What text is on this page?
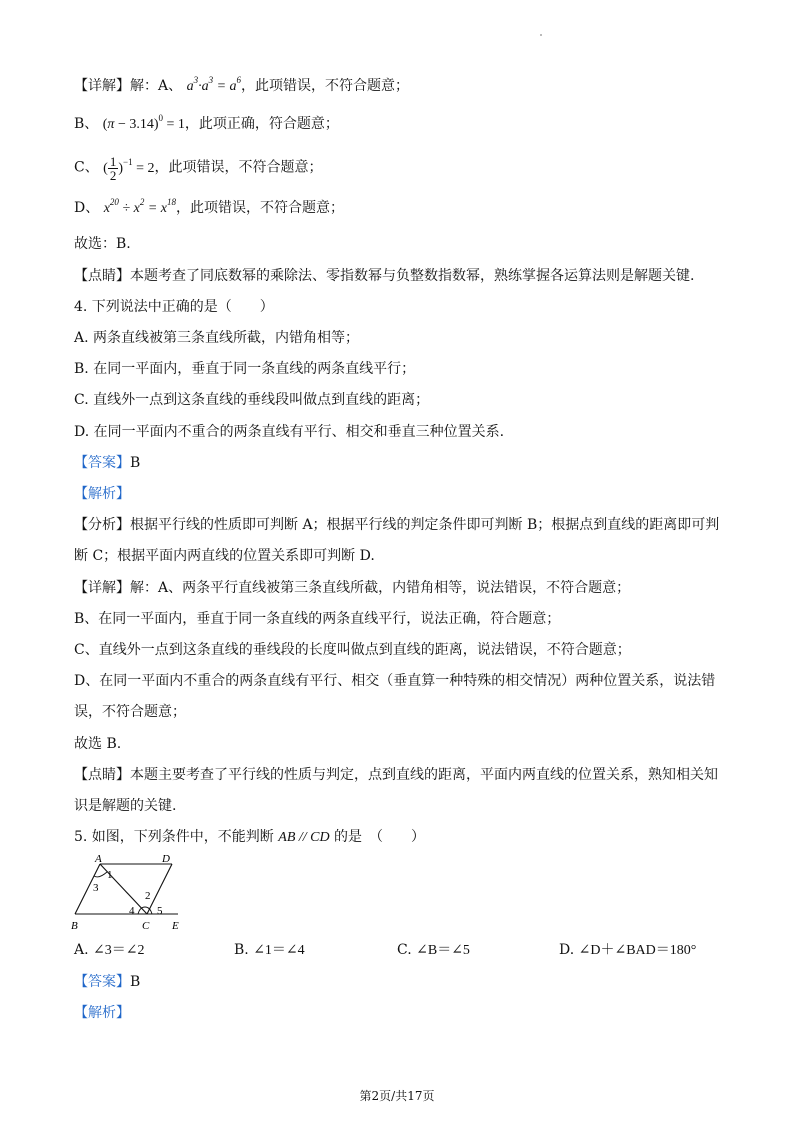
【详解】解：A、 $a^3\cdot a^3 = a^6$，此项错误，不符合题意；
B、 $(\pi - 3.14)^0 = 1$，此项正确，符合题意；
C、 ( $\frac{1}{2} )^{-1} = 2$，此项错误，不符合题意；
D、 $x^{20} \div x^2 = x^{18}$，此项错误，不符合题意；
故选：B.
【点睛】本题考查了同底数幂的乘除法、零指数幂与负整数指数幂，熟练掌握各运算法则是解题关键.
4. 下列说法中正确的是（　　）
A. 两条直线被第三条直线所截，内错角相等；
B. 在同一平面内，垂直于同一条直线的两条直线平行；
C. 直线外一点到这条直线的垂线段叫做点到直线的距离；
D. 在同一平面内不重合的两条直线有平行、相交和垂直三种位置关系.
【答案】B
【解析】
【分析】根据平行线的性质即可判断 A；根据平行线的判定条件即可判断 B；根据点到直线的距离即可判
断 C；根据平面内两直线的位置关系即可判断 D.
【详解】解：A、两条平行直线被第三条直线所截，内错角相等，说法错误，不符合题意；
B、在同一平面内，垂直于同一条直线的两条直线平行，说法正确，符合题意；
C、直线外一点到这条直线的垂线段的长度叫做点到直线的距离，说法错误，不符合题意；
D、在同一平面内不重合的两条直线有平行、相交（垂直算一种特殊的相交情况）两种位置关系，说法错
误，不符合题意；
故选 B.
【点睛】本题主要考查了平行线的性质与判定，点到直线的距离，平面内两直线的位置关系，熟知相关知
识是解题的关键.
5. 如图，下列条件中，不能判断 AB // CD 的是　（　　）
A	D
B	C E
1
2
3
4 5
A. ∠3＝∠2	B. ∠1＝∠4	C. ∠B＝∠5	D. ∠D＋∠BAD＝180°
【答案】B
【解析】
第2页/共17页
